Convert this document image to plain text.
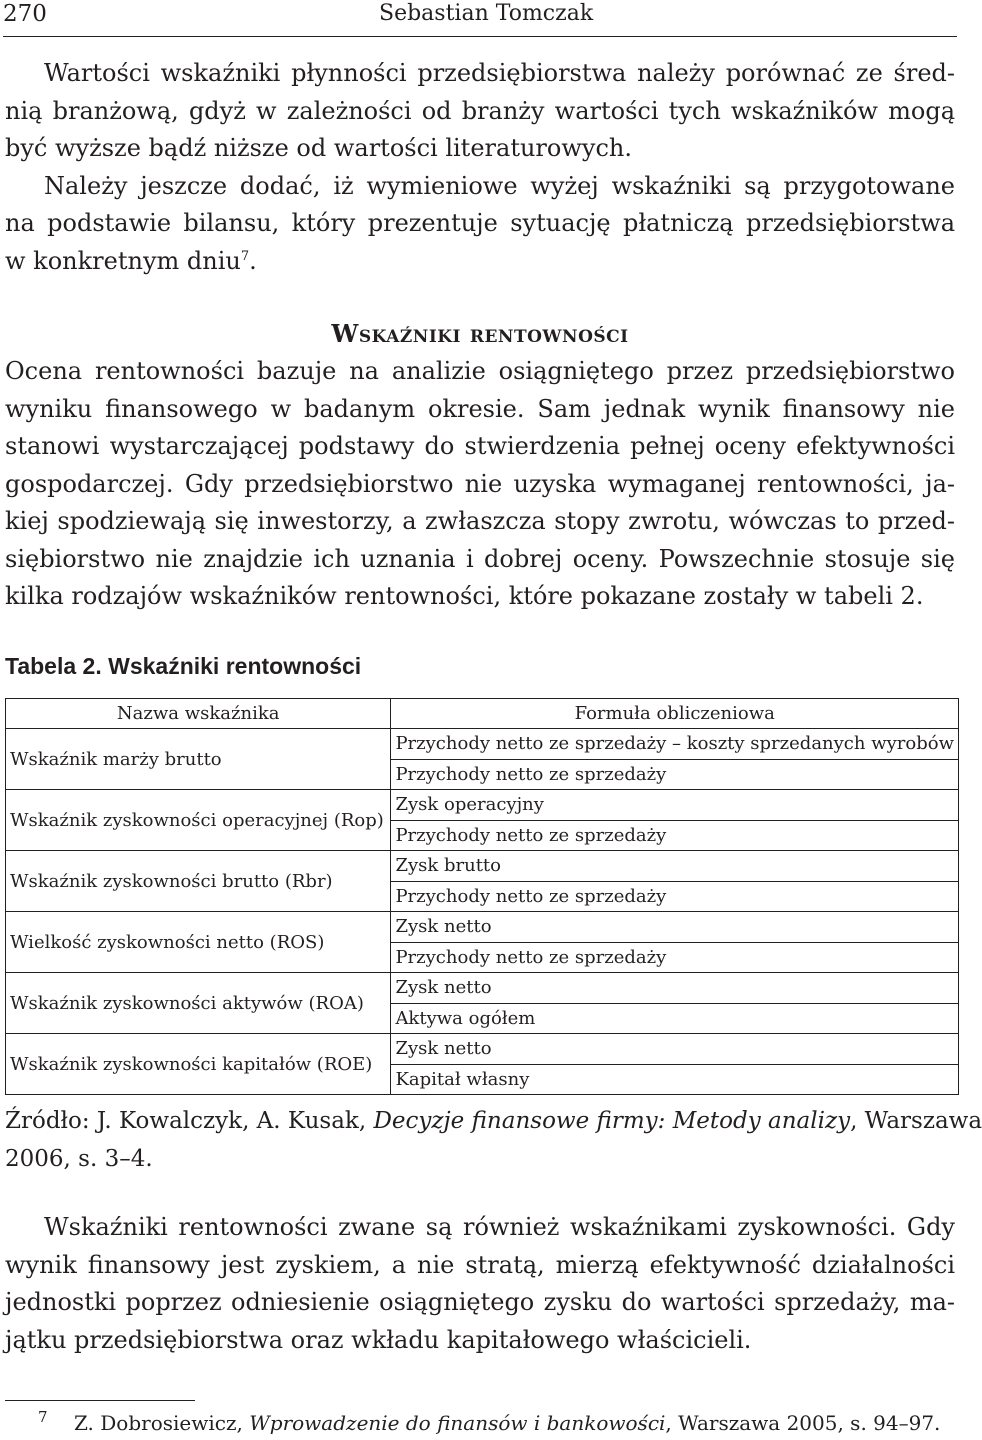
270	Sebastian Tomczak

Wartości wskaźniki płynności przedsiębiorstwa należy porównać ze śred-
nią branżową, gdyż w zależności od branży wartości tych wskaźników mogą
być wyższe bądź niższe od wartości literaturowych.
Należy jeszcze dodać, iż wymieniowe wyżej wskaźniki są przygotowane
na podstawie bilansu, który prezentuje sytuację płatniczą przedsiębiorstwa
w konkretnym dniu$^7$.

Wskaźniki rentowności

Ocena rentowności bazuje na analizie osiągniętego przez przedsiębiorstwo
wyniku finansowego w badanym okresie. Sam jednak wynik finansowy nie
stanowi wystarczającej podstawy do stwierdzenia pełnej oceny efektywności
gospodarczej. Gdy przedsiębiorstwo nie uzyska wymaganej rentowności, ja-
kiej spodziewają się inwestorzy, a zwłaszcza stopy zwrotu, wówczas to przed-
siębiorstwo nie znajdzie ich uznania i dobrej oceny. Powszechnie stosuje się
kilka rodzajów wskaźników rentowności, które pokazane zostały w tabeli 2.

Tabela 2. Wskaźniki rentowności
Nazwa wskaźnika	Formuła obliczeniowa
Wskaźnik marży brutto	Przychody netto ze sprzedaży – koszty sprzedanych wyrobów
Przychody netto ze sprzedaży

Wskaźnik zyskowności operacyjnej (Rop)	Zysk operacyjny
Przychody netto ze sprzedaży

Wskaźnik zyskowności brutto (Rbr)	Zysk brutto
Przychody netto ze sprzedaży

Wielkość zyskowności netto (ROS)	Zysk netto
Przychody netto ze sprzedaży

Wskaźnik zyskowności aktywów (ROA)	Zysk netto
Aktywa ogółem

Wskaźnik zyskowności kapitałów (ROE)	Zysk netto
Kapitał własny
Źródło: J. Kowalczyk, A. Kusak, Decyzje finansowe firmy: Metody analizy, Warszawa
2006, s. 3–4.

Wskaźniki rentowności zwane są również wskaźnikami zyskowności. Gdy
wynik finansowy jest zyskiem, a nie stratą, mierzą efektywność działalności
jednostki poprzez odniesienie osiągniętego zysku do wartości sprzedaży, ma-
jątku przedsiębiorstwa oraz wkładu kapitałowego właścicieli.

7 Z. Dobrosiewicz, Wprowadzenie do finansów i bankowości, Warszawa 2005, s. 94–97.
